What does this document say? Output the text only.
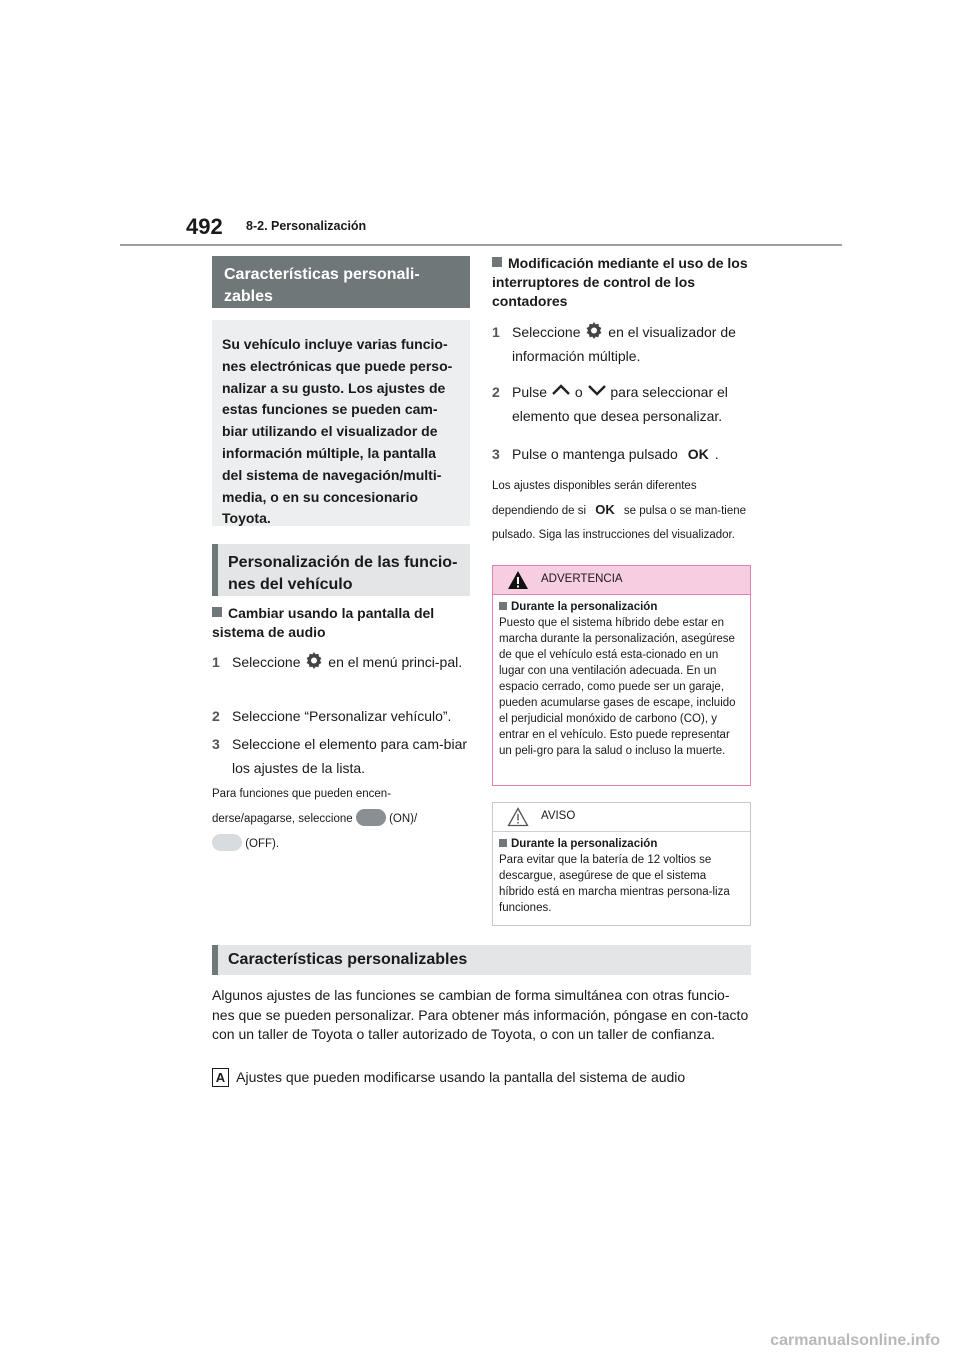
492 8-2. Personalización
Características personali-zables
Su vehículo incluye varias funcio-nes electrónicas que puede perso-nalizar a su gusto. Los ajustes de estas funciones se pueden cam-biar utilizando el visualizador de información múltiple, la pantalla del sistema de navegación/multi-media, o en su concesionario Toyota.
Personalización de las funcio-nes del vehículo
Cambiar usando la pantalla del sistema de audio
1 Seleccione en el menú princi-pal.
2 Seleccione “Personalizar vehículo”.
3 Seleccione el elemento para cam-biar los ajustes de la lista.
Para funciones que pueden encen-derse/apagarse, seleccione	(ON)/
(OFF).
Modificación mediante el uso de los interruptores de control de los contadores
1 Seleccione en el visualizador de información múltiple.
2 Pulse o para seleccionar el elemento que desea personalizar.
3 Pulse o mantenga pulsado OK .
Los ajustes disponibles serán diferentes dependiendo de si OK se pulsa o se man-tiene pulsado. Siga las instrucciones del visualizador.
ADVERTENCIA
Durante la personalización
Puesto que el sistema híbrido debe estar en marcha durante la personalización, asegúrese de que el vehículo está esta-cionado en un lugar con una ventilación adecuada. En un espacio cerrado, como puede ser un garaje, pueden acumularse gases de escape, incluido el perjudicial monóxido de carbono (CO), y entrar en el vehículo. Esto puede representar un peli-gro para la salud o incluso la muerte.
AVISO
Durante la personalización
Para evitar que la batería de 12 voltios se descargue, asegúrese de que el sistema híbrido está en marcha mientras persona-liza funciones.
Características personalizables
Algunos ajustes de las funciones se cambian de forma simultánea con otras funcio-nes que se pueden personalizar. Para obtener más información, póngase en con-tacto con un taller de Toyota o taller autorizado de Toyota, o con un taller de confianza.
A Ajustes que pueden modificarse usando la pantalla del sistema de audio
carmanualsonline.info
